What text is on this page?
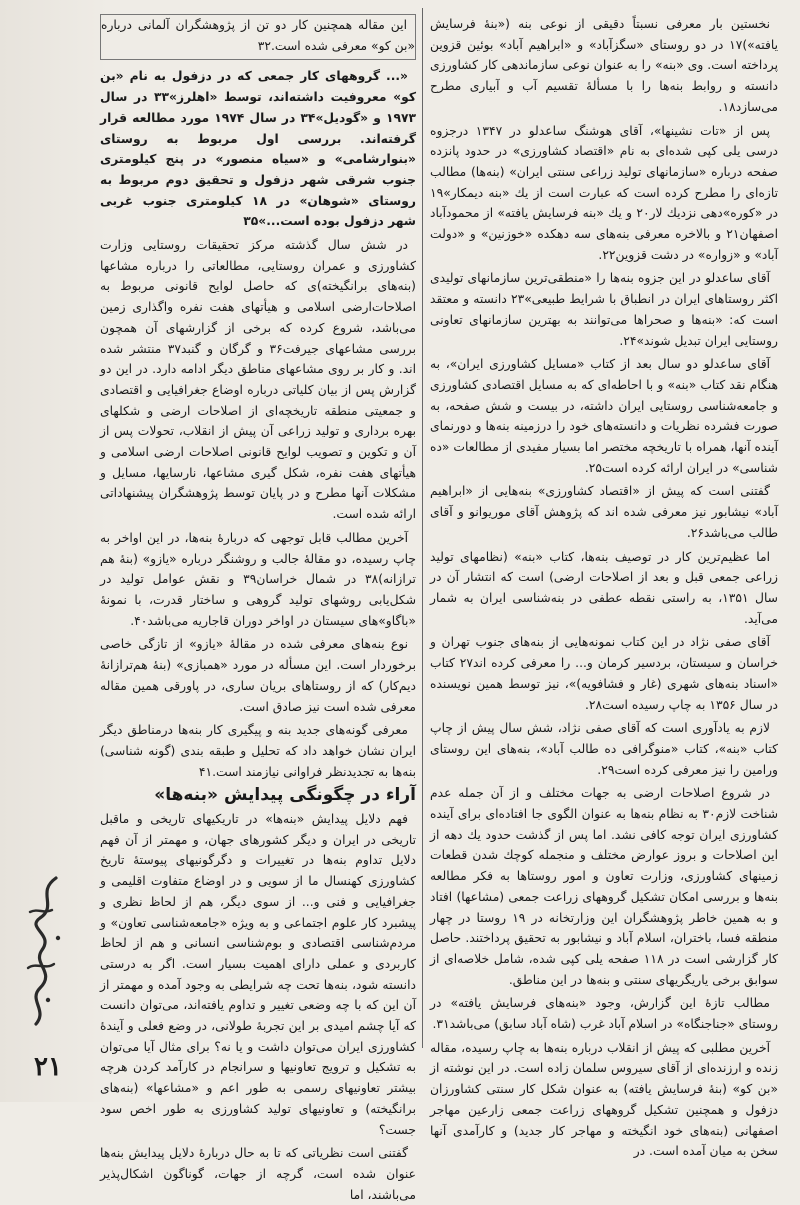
نخستین بار معرفی نسبتاً دقیقی از نوعی بنه («بنهٔ فرسایش یافته»)۱۷ در دو روستای «سگزآباد» و «ابراهیم آباد» بوئین قزوین پرداخته است. وی «بنه» را به عنوان نوعی سازماندهی کار کشاورزی دانسته و روابط بنه‌ها را با مسألهٔ تقسیم آب و آبیاری مطرح می‌سازد۱۸.

پس از «تات نشینها»، آقای هوشنگ ساعدلو در ۱۳۴۷ درجزوه درسی یلی کپی شده‌ای به نام «اقتصاد کشاورزی» در حدود پانزده صفحه درباره «سازمانهای تولید زراعی سنتی ایران» (بنه‌ها) مطالب تازه‌ای را مطرح کرده است که عبارت است از یك «بنه دیمکار»۱۹ در «کوره»دهی نزدیك لار۲۰ و یك «بنه فرسایش یافته» از محمودآباد اصفهان۲۱ و بالاخره معرفی بنه‌های سه دهکده «خوزنین» و «دولت آباد» و «زواره» در دشت قزوین۲۲.

آقای ساعدلو در این جزوه بنه‌ها را «منطقی‌ترین سازمانهای تولیدی اکثر روستاهای ایران در انطباق با شرایط طبیعی»۲۳ دانسته و معتقد است که: «بنه‌ها و صحراها می‌توانند به بهترین سازمانهای تعاونی روستایی ایران تبدیل شوند»۲۴.

آقای ساعدلو دو سال بعد از کتاب «مسایل کشاورزی ایران»، به هنگام نقد کتاب «بنه» و با احاطه‌ای که به مسایل اقتصادی کشاورزی و جامعه‌شناسی روستایی ایران داشته، در بیست و شش صفحه، به صورت فشرده نظریات و دانسته‌های خود را درزمینه بنه‌ها و دورنمای آینده آنها، همراه با تاریخچه مختصر اما بسیار مفیدی از مطالعات «ده شناسی» در ایران ارائه کرده است۲۵.

گفتنی است که پیش از «اقتصاد کشاورزی» بنه‌هایی از «ابراهیم آباد» نیشابور نیز معرفی شده اند که پژوهش آقای موریوانو و آقای طالب می‌باشد۲۶.

اما عظیم‌ترین کار در توصیف بنه‌ها، کتاب «بنه» (نظامهای تولید زراعی جمعی قبل و بعد از اصلاحات ارضی) است که انتشار آن در سال ۱۳۵۱، به راستی نقطه عطفی در بنه‌شناسی ایران به شمار می‌آید.

آقای صفی نژاد در این کتاب نمونه‌هایی از بنه‌های جنوب تهران و خراسان و سیستان، بردسیر کرمان و... را معرفی کرده اند۲۷ کتاب «اسناد بنه‌های شهری (غار و فشافویه)»، نیز توسط همین نویسنده در سال ۱۳۵۶ به چاپ رسیده است۲۸.

لازم به یادآوری است که آقای صفی نژاد، شش سال پیش از چاپ کتاب «بنه»، کتاب «منوگرافی ده طالب آباد»، بنه‌های این روستای ورامین را نیز معرفی کرده است۲۹.

در شروع اصلاحات ارضی به جهات مختلف و از آن جمله عدم شناخت لازم۳۰ به نظام بنه‌ها به عنوان الگوی جا افتاده‌ای برای آینده کشاورزی ایران توجه کافی نشد. اما پس از گذشت حدود یك دهه از این اصلاحات و بروز عوارض مختلف و منجمله کوچك شدن قطعات زمینهای کشاورزی، وزارت تعاون و امور روستاها به فکر مطالعه بنه‌ها و بررسی امکان تشکیل گروههای زراعت جمعی (مشاعها) افتاد و به همین خاطر پژوهشگران این وزارتخانه در ۱۹ روستا در چهار منطقه فسا، باختران، اسلام آباد و نیشابور به تحقیق پرداختند. حاصل کار گزارشی است در ۱۱۸ صفحه یلی کپی شده، شامل خلاصه‌ای از سوابق برخی یاریگریهای سنتی و بنه‌ها در این مناطق.

مطالب تازهٔ این گزارش، وجود «بنه‌های فرسایش یافته» در روستای «جناجنگاه» در اسلام آباد غرب (شاه آباد سابق) می‌باشد۳۱.

آخرین مطلبی که پیش از انقلاب درباره بنه‌ها به چاپ رسیده، مقاله زنده و ارزنده‌ای از آقای سیروس سلمان زاده است. در این نوشته از «بن کو» (بنهٔ فرسایش یافته) به عنوان شکل کار سنتی کشاورزان دزفول و همچنین تشکیل گروههای زراعت جمعی زارعین مهاجر اصفهانی (بنه‌های خود انگیخته و مهاجر کار جدید) و کارآمدی آنها سخن به میان آمده است. در

این مقاله همچنین کار دو تن از پژوهشگران آلمانی درباره «بن کو» معرفی شده است.۳۲

«... گروههای کار جمعی که در دزفول به نام «بن کو» معروفیت داشته‌اند، توسط «اهلرز»۳۳ در سال ۱۹۷۳ و «گودیل»۳۴ در سال ۱۹۷۴ مورد مطالعه قرار گرفته‌اند. بررسی اول مربوط به روستای «بنوارشامی» و «سیاه منصور» در پنج کیلومتری جنوب شرقی شهر دزفول و تحقیق دوم مربوط به روستای «شوهان» در ۱۸ کیلومتری جنوب غربی شهر دزفول بوده است...»۳۵

در شش سال گذشته مرکز تحقیقات روستایی وزارت کشاورزی و عمران روستایی، مطالعاتی را درباره مشاعها (بنه‌های برانگیخته)ی که حاصل لوایح قانونی مربوط به اصلاحات‌ارضی اسلامی و هیأتهای هفت نفره واگذاری زمین می‌باشد، شروع کرده که برخی از گزارشهای آن همچون بررسی مشاعهای جیرفت۳۶ و گرگان و گنبد۳۷ منتشر شده اند. و کار بر روی مشاعهای مناطق دیگر ادامه دارد. در این دو گزارش پس از بیان کلیاتی درباره اوضاع جغرافیایی و اقتصادی و جمعیتی منطقه تاریخچه‌ای از اصلاحات ارضی و شکلهای بهره برداری و تولید زراعی آن پیش از انقلاب، تحولات پس از آن و تکوین و تصویب لوایح قانونی اصلاحات ارضی اسلامی و هیأتهای هفت نفره، شکل گیری مشاعها، نارسایها، مسایل و مشکلات آنها مطرح و در پایان توسط پژوهشگران پیشنهاداتی ارائه شده است.

آخرین مطالب قابل توجهی که دربارهٔ بنه‌ها، در این اواخر به چاپ رسیده، دو مقالهٔ جالب و روشنگر درباره «یازو» (بنهٔ هم ترازانه)۳۸ در شمال خراسان۳۹ و نقش عوامل تولید در شکل‌یابی روشهای تولید گروهی و ساختار قدرت، با نمونهٔ «باگاو»های سیستان در اواخر دوران قاجاریه می‌باشد۴۰.

نوع بنه‌های معرفی شده در مقالهٔ «یازو» از تازگی خاصی برخوردار است. این مسأله در مورد «همبازی» (بنهٔ هم‌ترازانهٔ دیم‌کار) که از روستاهای بریان ساری، در پاورقی همین مقاله معرفی شده است نیز صادق است.

معرفی گونه‌های جدید بنه و پیگیری کار بنه‌ها درمناطق دیگر ایران نشان خواهد داد که تحلیل و طبقه بندی (گونه شناسی) بنه‌ها به تجدیدنظر فراوانی نیازمند است.۴۱

آراء در چگونگی پیدایش «بنه‌ها»

فهم دلایل پیدایش «بنه‌ها» در تاریکیهای تاریخی و ماقبل تاریخی در ایران و دیگر کشورهای جهان، و مهمتر از آن فهم دلایل تداوم بنه‌ها در تغییرات و دگرگونیهای پیوستهٔ تاریخ کشاورزی کهنسال ما از سویی و در اوضاع متفاوت اقلیمی و جغرافیایی و فنی و... از سوی دیگر، هم از لحاظ نظری و پیشبرد کار علوم اجتماعی و به ویژه «جامعه‌شناسی تعاون» و مردم‌شناسی اقتصادی و بوم‌شناسی انسانی و هم از لحاظ کاربردی و عملی دارای اهمیت بسیار است. اگر به درستی دانسته شود، بنه‌ها تحت چه شرایطی به وجود آمده و مهمتر از آن این که با چه وضعی تغییر و تداوم یافته‌اند، می‌توان دانست که آیا چشم امیدی بر این تجربهٔ طولانی، در وضع فعلی و آیندهٔ کشاورزی ایران می‌توان داشت و یا نه؟ برای مثال آیا می‌توان به تشکیل و ترویج تعاونیها و سرانجام در کارآمد کردن هرچه بیشتر تعاونیهای رسمی به طور اعم و «مشاعها» (بنه‌های برانگیخته) و تعاونیهای تولید کشاورزی به طور اخص سود جست؟

گفتنی است نظریاتی که تا به حال دربارهٔ دلایل پیدایش بنه‌ها عنوان شده است، گرچه از جهات، گوناگون اشکال‌پذیر می‌باشند، اما

۲۱
